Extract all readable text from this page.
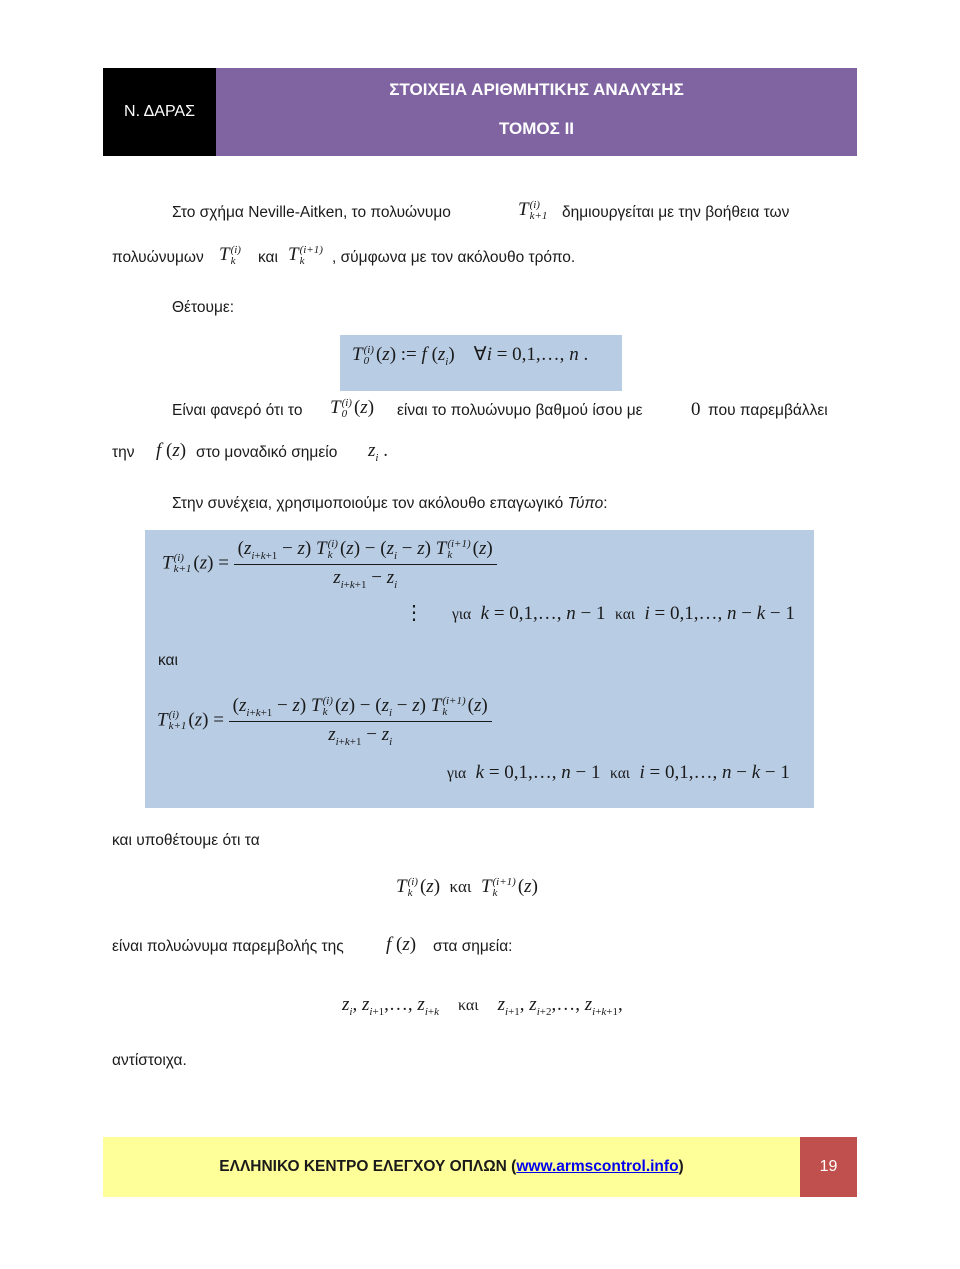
Ν. ΔΑΡΑΣ
ΣΤΟΙΧΕΙΑ ΑΡΙΘΜΗΤΙΚΗΣ ΑΝΑΛΥΣΗΣ
ΤΟΜΟΣ II
Στο σχήμα Neville-Aitken, το πολυώνυμο	T (i)
k+1 δημιουργείται με την βοήθεια των
πολυώνυμων T (i)
k	και T (i+1)
k	, σύμφωνα με τον ακόλουθο τρόπο.
Θέτουμε:
T (i)
0 (z) := f $(z_i)$    ∀i = 0,1,…, n .
Είναι φανερό ότι το T (i)
0 (z) είναι το πολυώνυμο βαθμού ίσου με	0 που παρεμβάλλει
την f (z) στο μοναδικό σημείο $z_i$ .
Στην συνέχεια, χρησιμοποιούμε τον ακόλουθο επαγωγικό Τύπο:
T (i)
k+1 $(z) = (z_{i+k+1} - z)$ T (i)
k $(z) - (z_i - z)$ T (i+1)
k	(z)
$z_{i+k+1} - z_i$
⋮ για k = 0,1,…, n − 1  και i = 0,1,…, n − k − 1
και
T (i)
k+1 $(z) = (z_{i+k+1} - z)$ T (i)
k $(z) - (z_i - z)$ T (i+1)
k	(z)
$z_{i+k+1} - z_i$
για k = 0,1,…, n − 1  και i = 0,1,…, n − k − 1
και υποθέτουμε ότι τα
T (i)
k (z)  και T (i+1)
k	(z)
είναι πολυώνυμα παρεμβολής της f (z) στα σημεία:
$z_i$, $z_{i+1},\dots$, $z_{i+k}$ και $z_{i+1}$, $z_{i+2},\dots$, $z_{i+k+1}$,
αντίστοιχα.
ΕΛΛΗΝΙΚΟ ΚΕΝΤΡΟ ΕΛΕΓΧΟΥ ΟΠΛΩΝ ( www.armscontrol.info )	19
